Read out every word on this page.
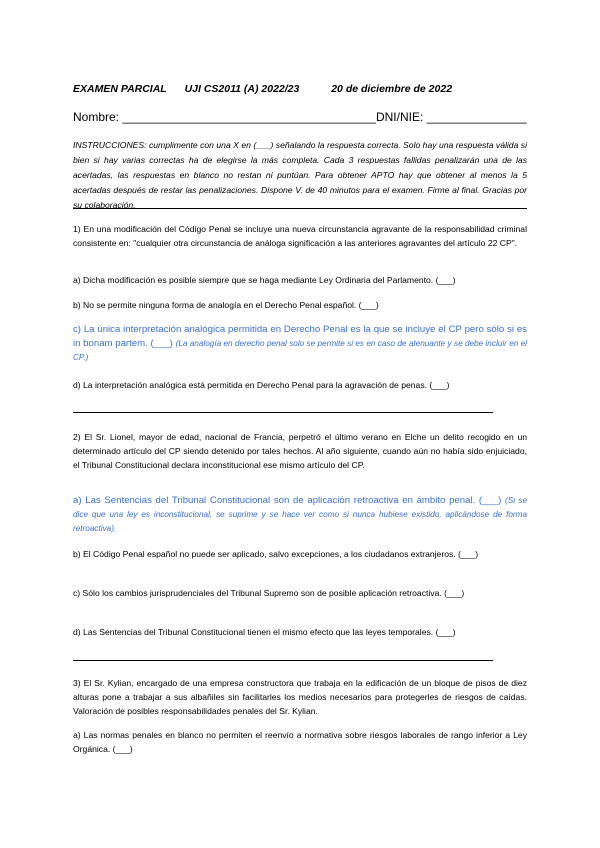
EXAMEN PARCIAL UJI CS2011 (A) 2022/23	20 de diciembre de 2022
Nombre: ______________________________________DNI/NIE: _______________
INSTRUCCIONES: cumplimente con una X en (___) señalando la respuesta correcta. Solo hay una respuesta válida si bien si hay varias correctas ha de elegirse la más completa. Cada 3 respuestas fallidas penalizarán una de las acertadas, las respuestas en blanco no restan ni puntúan. Para obtener APTO hay que obtener al menos la 5 acertadas después de restar las penalizaciones. Dispone V. de 40 minutos para el examen. Firme al final. Gracias por su colaboración.
1) En una modificación del Código Penal se incluye una nueva circunstancia agravante de la responsabilidad criminal consistente en: "cualquier otra circunstancia de análoga significación a las anteriores agravantes del artículo 22 CP".
a) Dicha modificación es posible siempre que se haga mediante Ley Ordinaria del Parlamento. (___)
b) No se permite ninguna forma de analogía en el Derecho Penal español. (___)
c) La única interpretación analógica permitida en Derecho Penal es la que se incluye el CP pero sólo si es in bonam partem. (___) (La analogía en derecho penal solo se permite si es en caso de atenuante y se debe incluir en el CP.)
d) La interpretación analógica está permitida en Derecho Penal para la agravación de penas. (___)
2) El Sr. Lionel, mayor de edad, nacional de Francia, perpetró el último verano en Elche un delito recogido en un determinado artículo del CP siendo detenido por tales hechos. Al año siguiente, cuando aún no había sido enjuiciado, el Tribunal Constitucional declara inconstitucional ese mismo artículo del CP.
a) Las Sentencias del Tribunal Constitucional son de aplicación retroactiva en ámbito penal. (___) (Si se dice que una ley es inconstitucional, se suprime y se hace ver como si nunca hubiese existido, aplicándose de forma retroactiva).
b) El Código Penal español no puede ser aplicado, salvo excepciones, a los ciudadanos extranjeros. (___)
c) Sólo los cambios jurisprudenciales del Tribunal Supremo son de posible aplicación retroactiva. (___)
d) Las Sentencias del Tribunal Constitucional tienen el mismo efecto que las leyes temporales. (___)
3) El Sr. Kylian, encargado de una empresa constructora que trabaja en la edificación de un bloque de pisos de diez alturas pone a trabajar a sus albañiles sin facilitarles los medios necesarios para protegerles de riesgos de caídas. Valoración de posibles responsabilidades penales del Sr. Kylian.
a) Las normas penales en blanco no permiten el reenvío a normativa sobre riesgos laborales de rango inferior a Ley Orgánica. (___)
